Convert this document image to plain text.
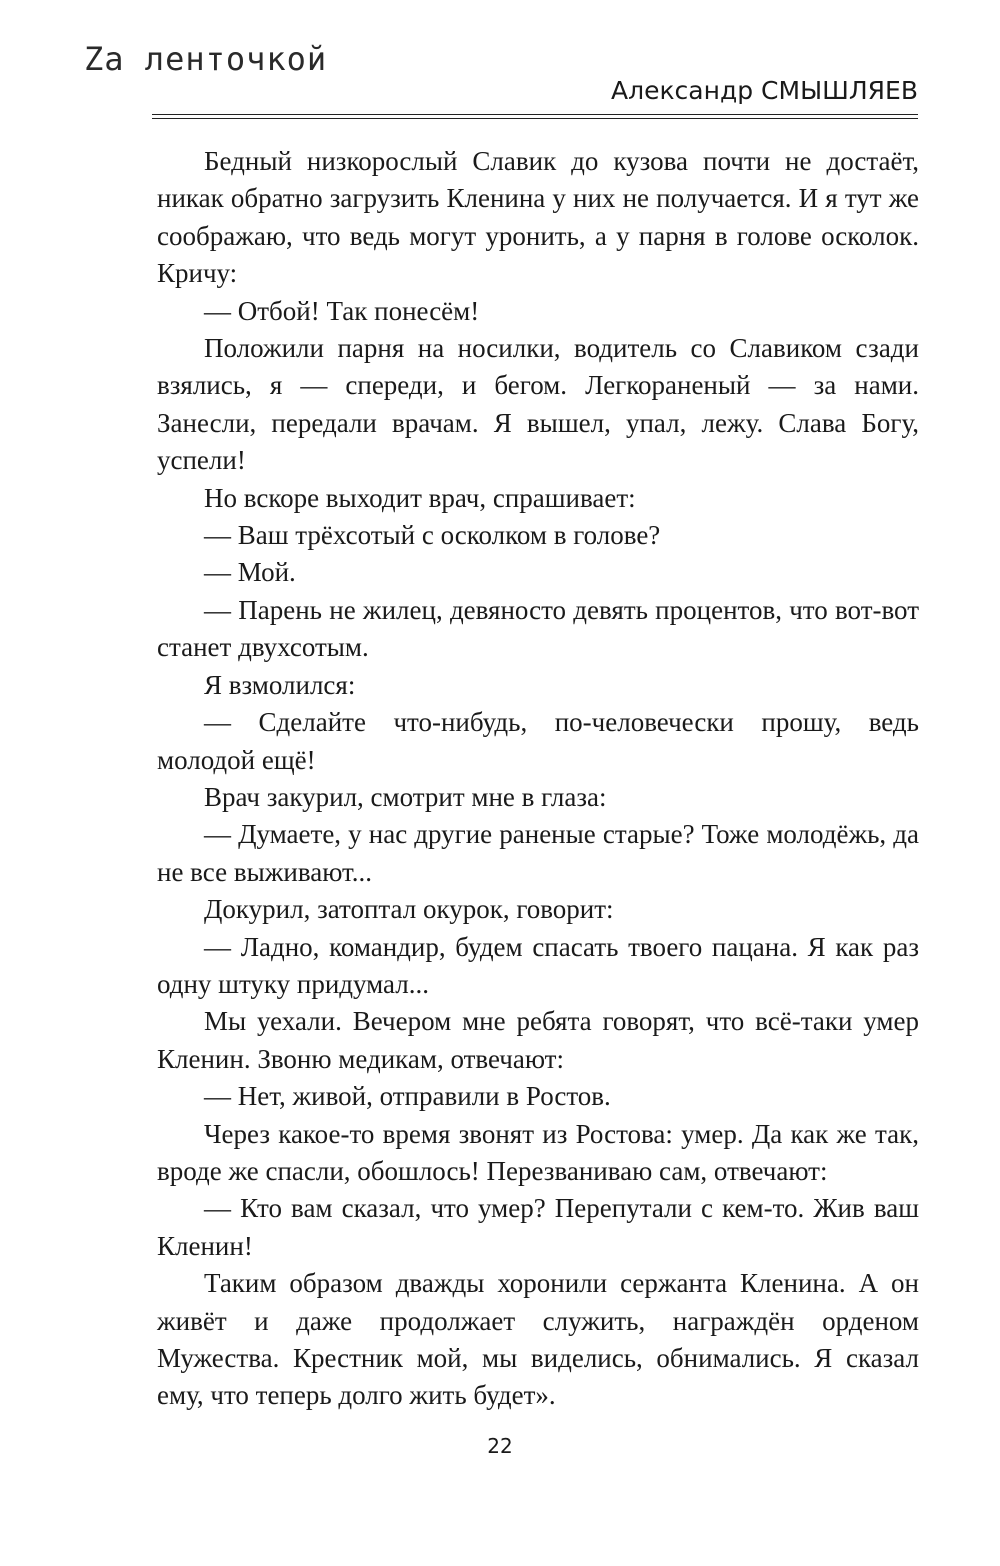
Zа ленточкой
Александр СМЫШЛЯЕВ

Бедный низкорослый Славик до кузова почти не достаёт, никак обратно загрузить Кленина у них не получается. И я тут же соображаю, что ведь могут уронить, а у парня в голове осколок. Кричу:

— Отбой! Так понесём!

Положили парня на носилки, водитель со Славиком сзади взялись, я — спереди, и бегом. Легкораненый — за нами. Занесли, передали врачам. Я вышел, упал, лежу. Слава Богу, успели!

Но вскоре выходит врач, спрашивает:

— Ваш трёхсотый с осколком в голове?

— Мой.

— Парень не жилец, девяносто девять процентов, что вот-вот станет двухсотым.

Я взмолился:

— Сделайте что-нибудь, по-человечески прошу, ведь молодой ещё!

Врач закурил, смотрит мне в глаза:

— Думаете, у нас другие раненые старые? Тоже молодёжь, да не все выживают...

Докурил, затоптал окурок, говорит:

— Ладно, командир, будем спасать твоего пацана. Я как раз одну штуку придумал...

Мы уехали. Вечером мне ребята говорят, что всё-таки умер Кленин. Звоню медикам, отвечают:

— Нет, живой, отправили в Ростов.

Через какое-то время звонят из Ростова: умер. Да как же так, вроде же спасли, обошлось! Перезваниваю сам, отвечают:

— Кто вам сказал, что умер? Перепутали с кем-то. Жив ваш Кленин!

Таким образом дважды хоронили сержанта Кленина. А он живёт и даже продолжает служить, награждён орденом Мужества. Крестник мой, мы виделись, обнимались. Я сказал ему, что теперь долго жить будет».

22
